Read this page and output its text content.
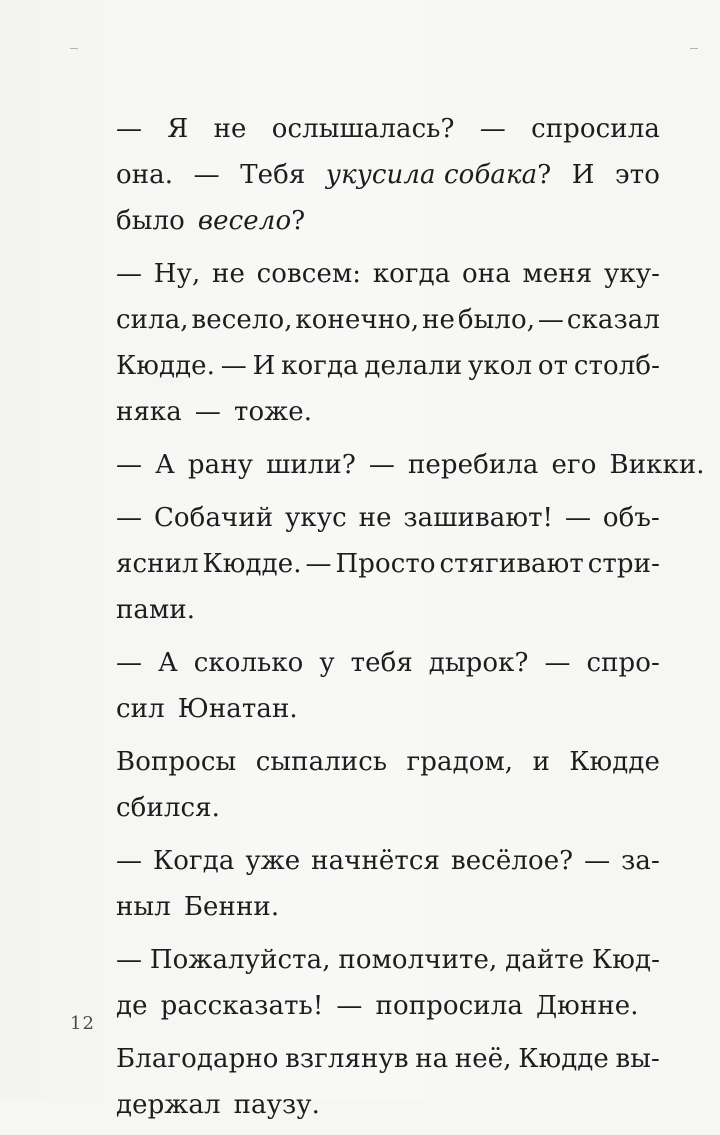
— Я не ослышалась? — спросила
она. — Тебя укусила собака? И это
было весело?
— Ну, не совсем: когда она меня уку-
сила, весело, конечно, не было, — сказал
Кюдде. — И когда делали укол от столб-
няка — тоже.
— А рану шили? — перебила его Викки.
— Собачий укус не зашивают! — объ-
яснил Кюдде. — Просто стягивают стри-
пами.
— А сколько у тебя дырок? — спро-
сил Юнатан.
Вопросы сыпались градом, и Кюдде
сбился.
— Когда уже начнётся весёлое? — за-
ныл Бенни.
— Пожалуйста, помолчите, дайте Кюд-
де рассказать! — попросила Дюнне.
Благодарно взглянув на неё, Кюдде вы-
держал паузу.
12
